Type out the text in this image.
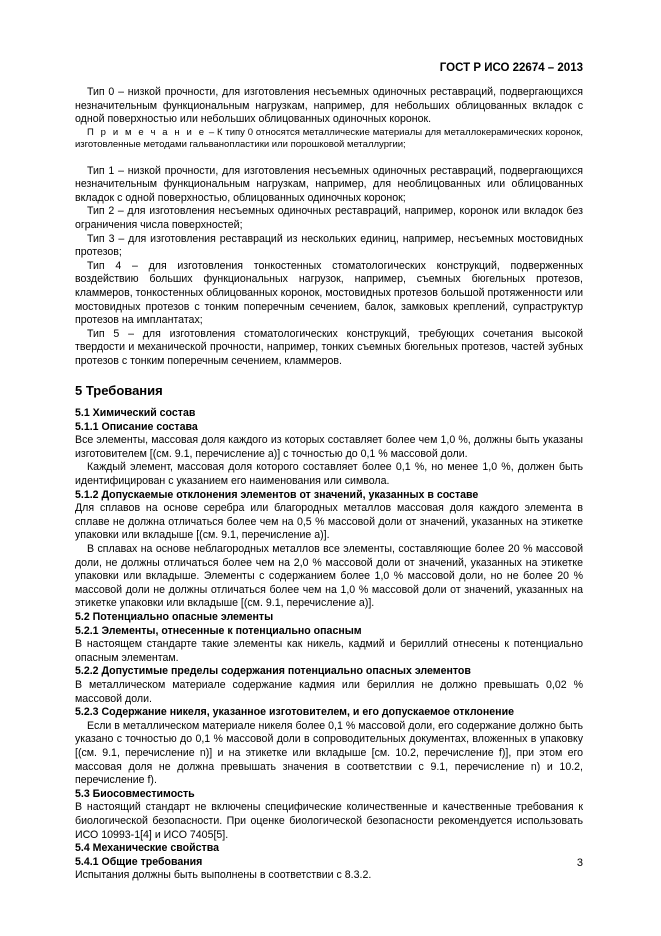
ГОСТ Р ИСО 22674 – 2013

Тип 0 – низкой прочности, для изготовления несъемных одиночных реставраций, подвергающихся незначительным функциональным нагрузкам, например, для небольших облицованных вкладок с одной поверхностью или небольших облицованных одиночных коронок.

П р и м е ч а н и е – К типу 0 относятся металлические материалы для металлокерамических коронок, изготовленные методами гальванопластики или порошковой металлургии;

Тип 1 – низкой прочности, для изготовления несъемных одиночных реставраций, подвергающихся незначительным функциональным нагрузкам, например, для необлицованных или облицованных вкладок с одной поверхностью, облицованных одиночных коронок;

Тип 2 – для изготовления несъемных одиночных реставраций, например, коронок или вкладок без ограничения числа поверхностей;

Тип 3 – для изготовления реставраций из нескольких единиц, например, несъемных мостовидных протезов;

Тип 4 – для изготовления тонкостенных стоматологических конструкций, подверженных воздействию больших функциональных нагрузок, например, съемных бюгельных протезов, кламмеров, тонкостенных облицованных коронок, мостовидных протезов большой протяженности или мостовидных протезов с тонким поперечным сечением, балок, замковых креплений, супраструктур протезов на имплантатах;

Тип 5 – для изготовления стоматологических конструкций, требующих сочетания высокой твердости и механической прочности, например, тонких съемных бюгельных протезов, частей зубных протезов с тонким поперечным сечением, кламмеров.

5 Требования

5.1 Химический состав

5.1.1 Описание состава

Все элементы, массовая доля каждого из которых составляет более чем 1,0 %, должны быть указаны изготовителем [(см. 9.1, перечисление а)] с точностью до 0,1 % массовой доли.

Каждый элемент, массовая доля которого составляет более 0,1 %, но менее 1,0 %, должен быть идентифицирован с указанием его наименования или символа.

5.1.2 Допускаемые отклонения элементов от значений, указанных в составе

Для сплавов на основе серебра или благородных металлов массовая доля каждого элемента в сплаве не должна отличаться более чем на 0,5 % массовой доли от значений, указанных на этикетке упаковки или вкладыше [(см. 9.1, перечисление а)].

В сплавах на основе неблагородных металлов все элементы, составляющие более 20 % массовой доли, не должны отличаться более чем на 2,0 % массовой доли от значений, указанных на этикетке упаковки или вкладыше. Элементы с содержанием более 1,0 % массовой доли, но не более 20 % массовой доли не должны отличаться более чем на 1,0 % массовой доли от значений, указанных на этикетке упаковки или вкладыше [(см. 9.1, перечисление а)].

5.2 Потенциально опасные элементы

5.2.1 Элементы, отнесенные к потенциально опасным

В настоящем стандарте такие элементы как никель, кадмий и бериллий отнесены к потенциально опасным элементам.

5.2.2 Допустимые пределы содержания потенциально опасных элементов

В металлическом материале содержание кадмия или бериллия не должно превышать 0,02 % массовой доли.

5.2.3 Содержание никеля, указанное изготовителем, и его допускаемое отклонение

Если в металлическом материале никеля более 0,1 % массовой доли, его содержание должно быть указано с точностью до 0,1 % массовой доли в сопроводительных документах, вложенных в упаковку [(см. 9.1, перечисление n)] и на этикетке или вкладыше [см. 10.2, перечисление f)], при этом его массовая доля не должна превышать значения в соответствии с 9.1, перечисление n) и 10.2, перечисление f).

5.3 Биосовместимость

В настоящий стандарт не включены специфические количественные и качественные требования к биологической безопасности. При оценке биологической безопасности рекомендуется использовать ИСО 10993-1[4] и ИСО 7405[5].

5.4 Механические свойства

5.4.1 Общие требования

Испытания должны быть выполнены в соответствии с 8.3.2.

3
